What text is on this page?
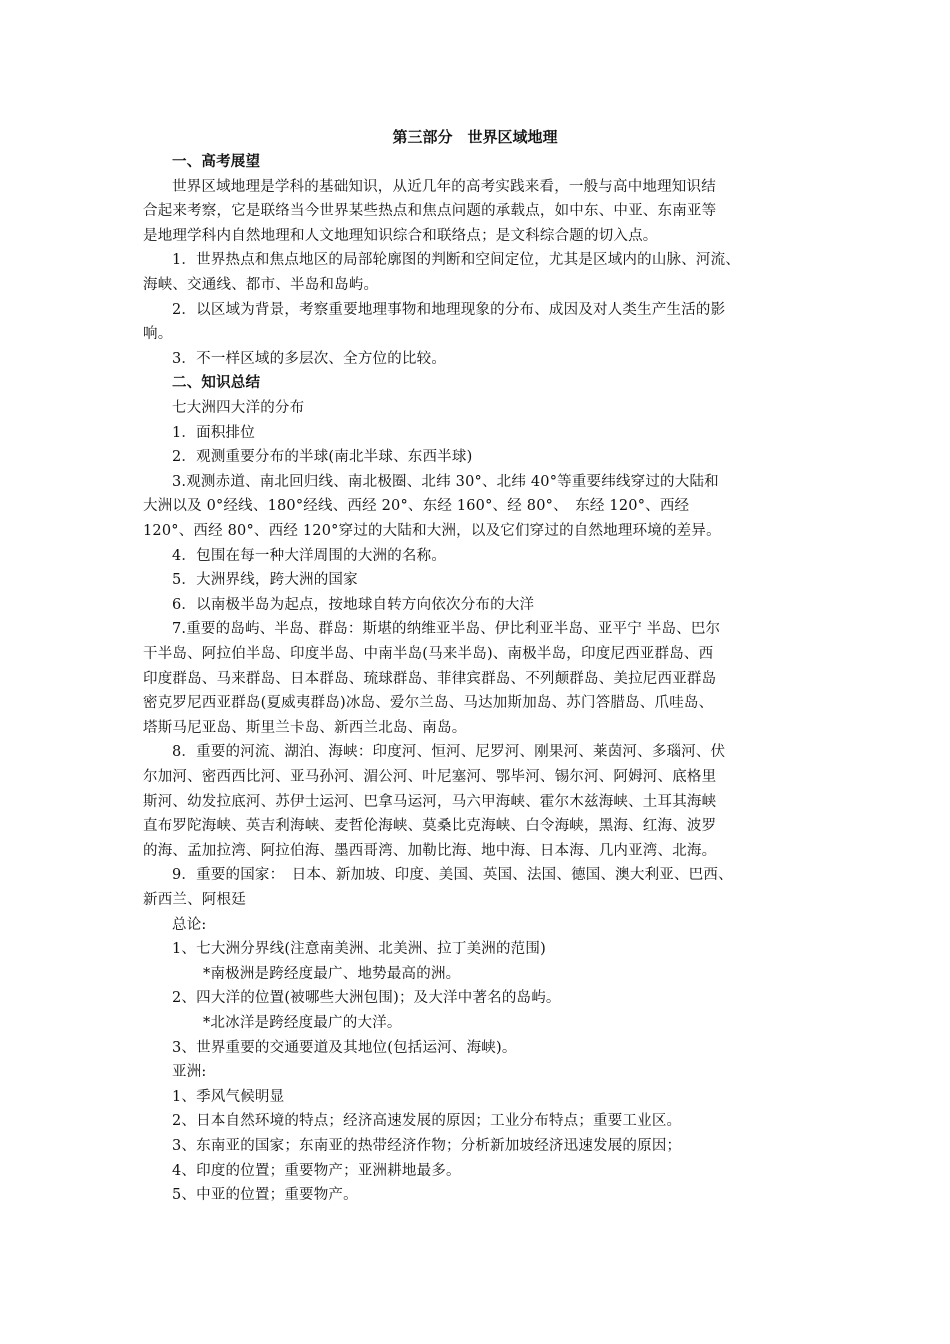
第三部分　世界区域地理
一、高考展望
世界区域地理是学科的基础知识，从近几年的高考实践来看，一般与高中地理知识结
合起来考察，它是联络当今世界某些热点和焦点问题的承载点，如中东、中亚、东南亚等
是地理学科内自然地理和人文地理知识综合和联络点；是文科综合题的切入点。
1．世界热点和焦点地区的局部轮廓图的判断和空间定位，尤其是区域内的山脉、河流、
海峡、交通线、都市、半岛和岛屿。
2．以区域为背景，考察重要地理事物和地理现象的分布、成因及对人类生产生活的影
响。
3．不一样区域的多层次、全方位的比较。
二、知识总结
七大洲四大洋的分布
1．面积排位
2．观测重要分布的半球(南北半球、东西半球)
3.观测赤道、南北回归线、南北极圈、北纬 30°、北纬 40°等重要纬线穿过的大陆和
大洲以及 0°经线、180°经线、西经 20°、东经 160°、经 80°、　东经 120°、西经
120°、西经 80°、西经 120°穿过的大陆和大洲，以及它们穿过的自然地理环境的差异。
4．包围在每一种大洋周围的大洲的名称。
5．大洲界线，跨大洲的国家
6．以南极半岛为起点，按地球自转方向依次分布的大洋
7.重要的岛屿、半岛、群岛：斯堪的纳维亚半岛、伊比利亚半岛、亚平宁 半岛、巴尔
干半岛、阿拉伯半岛、印度半岛、中南半岛(马来半岛)、南极半岛，印度尼西亚群岛、西
印度群岛、马来群岛、日本群岛、琉球群岛、菲律宾群岛、不列颠群岛、美拉尼西亚群岛
密克罗尼西亚群岛(夏威夷群岛)冰岛、爱尔兰岛、马达加斯加岛、苏门答腊岛、爪哇岛、
塔斯马尼亚岛、斯里兰卡岛、新西兰北岛、南岛。
8．重要的河流、湖泊、海峡：印度河、恒河、尼罗河、刚果河、莱茵河、多瑙河、伏
尔加河、密西西比河、亚马孙河、湄公河、叶尼塞河、鄂毕河、锡尔河、阿姆河、底格里
斯河、幼发拉底河、苏伊士运河、巴拿马运河，马六甲海峡、霍尔木兹海峡、土耳其海峡
直布罗陀海峡、英吉利海峡、麦哲伦海峡、莫桑比克海峡、白令海峡，黑海、红海、波罗
的海、孟加拉湾、阿拉伯海、墨西哥湾、加勒比海、地中海、日本海、几内亚湾、北海。
9．重要的国家：　日本、新加坡、印度、美国、英国、法国、德国、澳大利亚、巴西、
新西兰、阿根廷
总论:
1、七大洲分界线(注意南美洲、北美洲、拉丁美洲的范围)
*南极洲是跨经度最广、地势最高的洲。
2、四大洋的位置(被哪些大洲包围)；及大洋中著名的岛屿。
*北冰洋是跨经度最广的大洋。
3、世界重要的交通要道及其地位(包括运河、海峡)。
亚洲:
1、季风气候明显
2、日本自然环境的特点；经济高速发展的原因；工业分布特点；重要工业区。
3、东南亚的国家；东南亚的热带经济作物；分析新加坡经济迅速发展的原因；
4、印度的位置；重要物产；亚洲耕地最多。
5、中亚的位置；重要物产。
